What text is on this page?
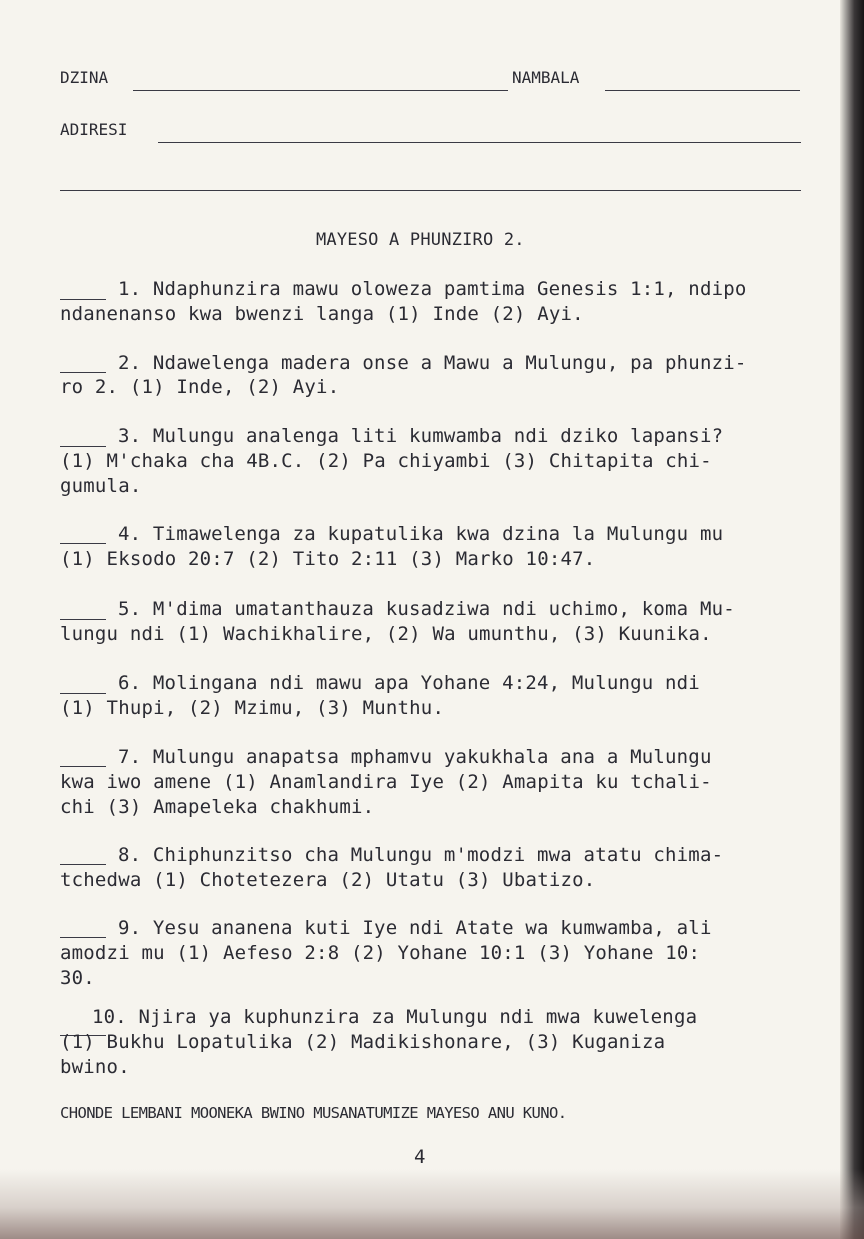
DZINA	NAMBALA
ADIRESI
MAYESO A PHUNZIRO 2.
1. Ndaphunzira mawu oloweza pamtima Genesis 1:1, ndipo
ndanenanso kwa bwenzi langa (1) Inde (2) Ayi.
2. Ndawelenga madera onse a Mawu a Mulungu, pa phunzi-
ro 2. (1) Inde, (2) Ayi.
3. Mulungu analenga liti kumwamba ndi dziko lapansi?
(1) M'chaka cha 4B.C. (2) Pa chiyambi (3) Chitapita chi-
gumula.
4. Timawelenga za kupatulika kwa dzina la Mulungu mu
(1) Eksodo 20:7 (2) Tito 2:11 (3) Marko 10:47.
5. M'dima umatanthauza kusadziwa ndi uchimo, koma Mu-
lungu ndi (1) Wachikhalire, (2) Wa umunthu, (3) Kuunika.
6. Molingana ndi mawu apa Yohane 4:24, Mulungu ndi
(1) Thupi, (2) Mzimu, (3) Munthu.
7. Mulungu anapatsa mphamvu yakukhala ana a Mulungu
kwa iwo amene (1) Anamlandira Iye (2) Amapita ku tchali-
chi (3) Amapeleka chakhumi.
8. Chiphunzitso cha Mulungu m'modzi mwa atatu chima-
tchedwa (1) Chotetezera (2) Utatu (3) Ubatizo.
9. Yesu ananena kuti Iye ndi Atate wa kumwamba, ali
amodzi mu (1) Aefeso 2:8 (2) Yohane 10:1 (3) Yohane 10:
30.
10. Njira ya kuphunzira za Mulungu ndi mwa kuwelenga
(1) Bukhu Lopatulika (2) Madikishonare, (3) Kuganiza
bwino.
CHONDE LEMBANI MOONEKA BWINO MUSANATUMIZE MAYESO ANU KUNO.
4
